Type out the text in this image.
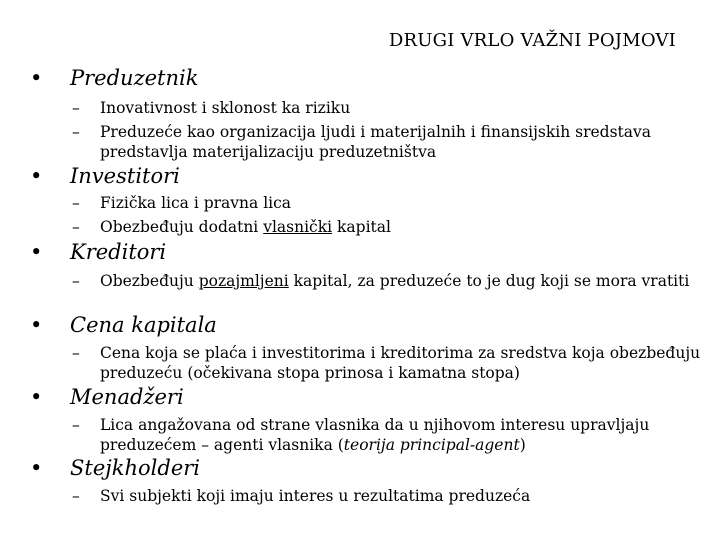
DRUGI VRLO VAŽNI POJMOVI
• Preduzetnik
–	Inovativnost i sklonost ka riziku
–	Preduzeće kao organizacija ljudi i materijalnih i finansijskih sredstava predstavlja materijalizaciju preduzetništva
• Investitori
–	Fizička lica i pravna lica
–	Obezbeđuju dodatni vlasnički kapital
• Kreditori
–	Obezbeđuju pozajmljeni kapital, za preduzeće to je dug koji se mora vratiti
• Cena kapitala
–	Cena koja se plaća i investitorima i kreditorima za sredstva koja obezbeđuju preduzeću (očekivana stopa prinosa i kamatna stopa)
• Menadžeri
–	Lica angažovana od strane vlasnika da u njihovom interesu upravljaju preduzećem – agenti vlasnika (teorija principal-agent)
• Stejkholderi
–	Svi subjekti koji imaju interes u rezultatima preduzeća
